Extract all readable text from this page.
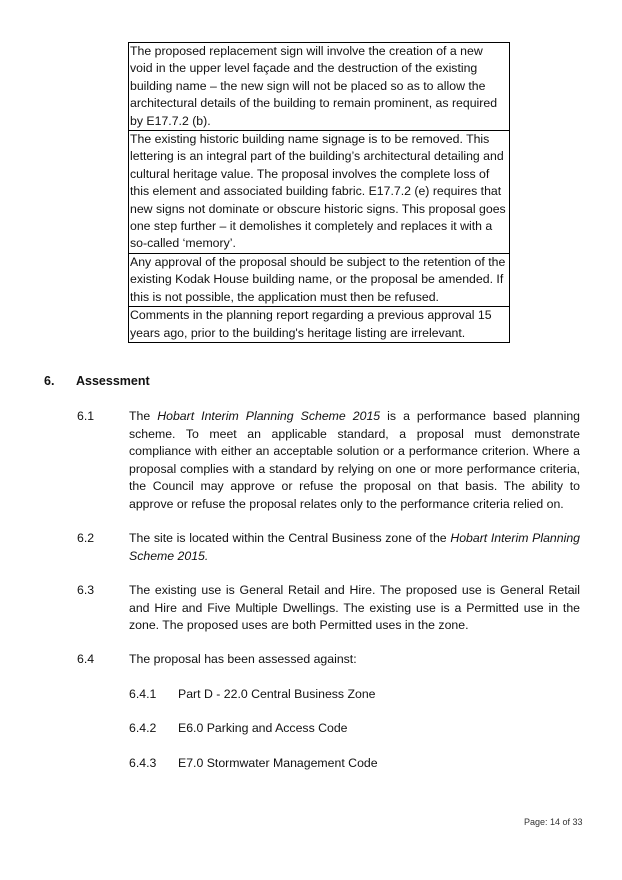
The proposed replacement sign will involve the creation of a new void in the upper level façade and the destruction of the existing building name – the new sign will not be placed so as to allow the architectural details of the building to remain prominent, as required by E17.7.2 (b).
The existing historic building name signage is to be removed. This lettering is an integral part of the building’s architectural detailing and cultural heritage value. The proposal involves the complete loss of this element and associated building fabric. E17.7.2 (e) requires that new signs not dominate or obscure historic signs. This proposal goes one step further – it demolishes it completely and replaces it with a so-called ‘memory’.
Any approval of the proposal should be subject to the retention of the existing Kodak House building name, or the proposal be amended. If this is not possible, the application must then be refused.
Comments in the planning report regarding a previous approval 15 years ago, prior to the building's heritage listing are irrelevant.
6. Assessment
6.1	The Hobart Interim Planning Scheme 2015 is a performance based planning scheme. To meet an applicable standard, a proposal must demonstrate compliance with either an acceptable solution or a performance criterion. Where a proposal complies with a standard by relying on one or more performance criteria, the Council may approve or refuse the proposal on that basis. The ability to approve or refuse the proposal relates only to the performance criteria relied on.
6.2	The site is located within the Central Business zone of the Hobart Interim Planning Scheme 2015.
6.3	The existing use is General Retail and Hire. The proposed use is General Retail and Hire and Five Multiple Dwellings. The existing use is a Permitted use in the zone. The proposed uses are both Permitted uses in the zone.
6.4	The proposal has been assessed against:
6.4.1 Part D - 22.0 Central Business Zone
6.4.2 E6.0 Parking and Access Code
6.4.3 E7.0 Stormwater Management Code
Page: 14 of 33
